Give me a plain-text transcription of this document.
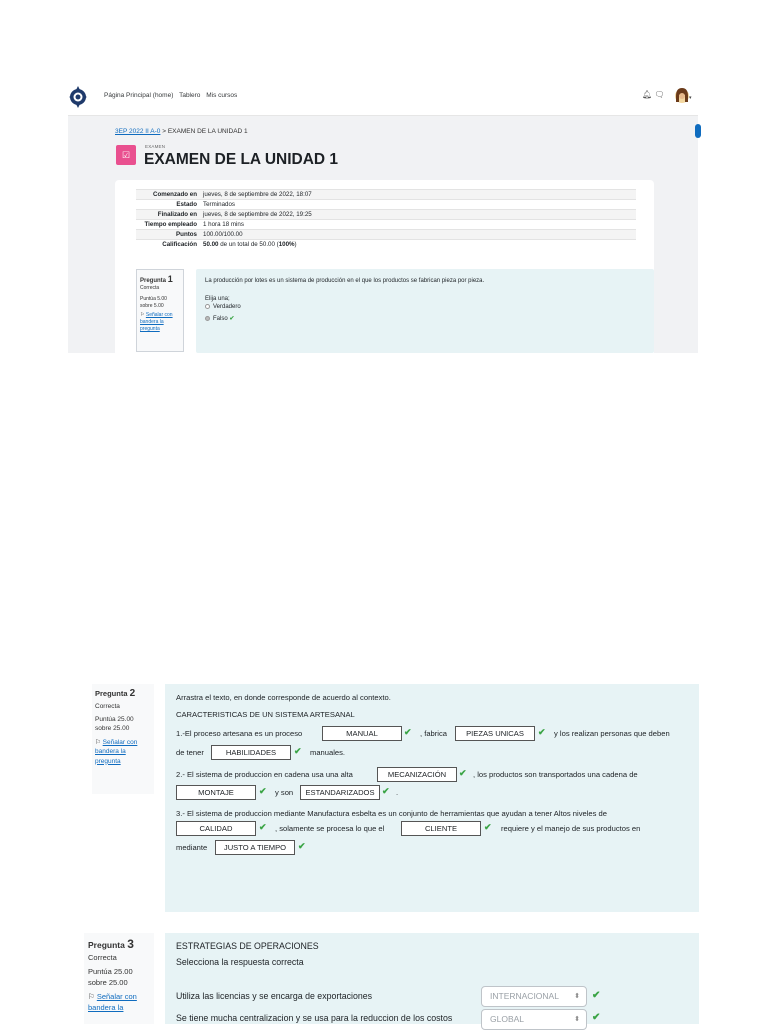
Página Principal (home) Tablero Mis cursos	🔔︎ 🗨︎	▾
3EP 2022 II A-0 > EXAMEN DE LA UNIDAD 1
☑
EXAMEN
EXAMEN DE LA UNIDAD 1
Comenzado en	jueves, 8 de septiembre de 2022, 18:07
Estado	Terminados
Finalizado en	jueves, 8 de septiembre de 2022, 19:25
Tiempo empleado	1 hora 18 mins
Puntos	100.00/100.00
Calificación	50.00 de un total de 50.00 (100%)
Pregunta 1
Correcta
Puntúa 5.00
sobre 5.00
⚐ Señalar con bandera la pregunta
La producción por lotes es un sistema de producción en el que los productos se fabrican pieza por pieza.
Elija una;
Verdadero
Falso ✔
Pregunta 2
Correcta
Puntúa 25.00
sobre 25.00
⚐ Señalar con bandera la pregunta
Arrastra el texto, en donde corresponde de acuerdo al contexto.
CARACTERISTICAS DE UN SISTEMA ARTESANAL
1.-El proceso artesana es un proceso	MANUAL	✔ , fabrica	PIEZAS UNICAS	✔ y los realizan personas que deben
de tener	HABILIDADES	✔ manuales.
2.- El sistema de produccion en cadena usa una alta	MECANIZACIÓN	✔ , los productos son transportados una cadena de
MONTAJE	✔ y son	ESTANDARIZADOS ✔ .
3.- El sistema de produccion mediante Manufactura esbelta es un conjunto de herramientas que ayudan a tener Altos niveles de
CALIDAD	✔ , solamente se procesa lo que el	CLIENTE	✔ requiere y el manejo de sus productos en
mediante	JUSTO A TIEMPO	✔
Pregunta 3
Correcta
Puntúa 25.00
sobre 25.00
⚐ Señalar con bandera la
ESTRATEGIAS DE OPERACIONES
Selecciona la respuesta correcta
Utiliza las licencias y se encarga de exportaciones	INTERNACIONAL ⬍ ✔
Se tiene mucha centralizacion y se usa para la reduccion de los costos	GLOBAL	⬍ ✔
